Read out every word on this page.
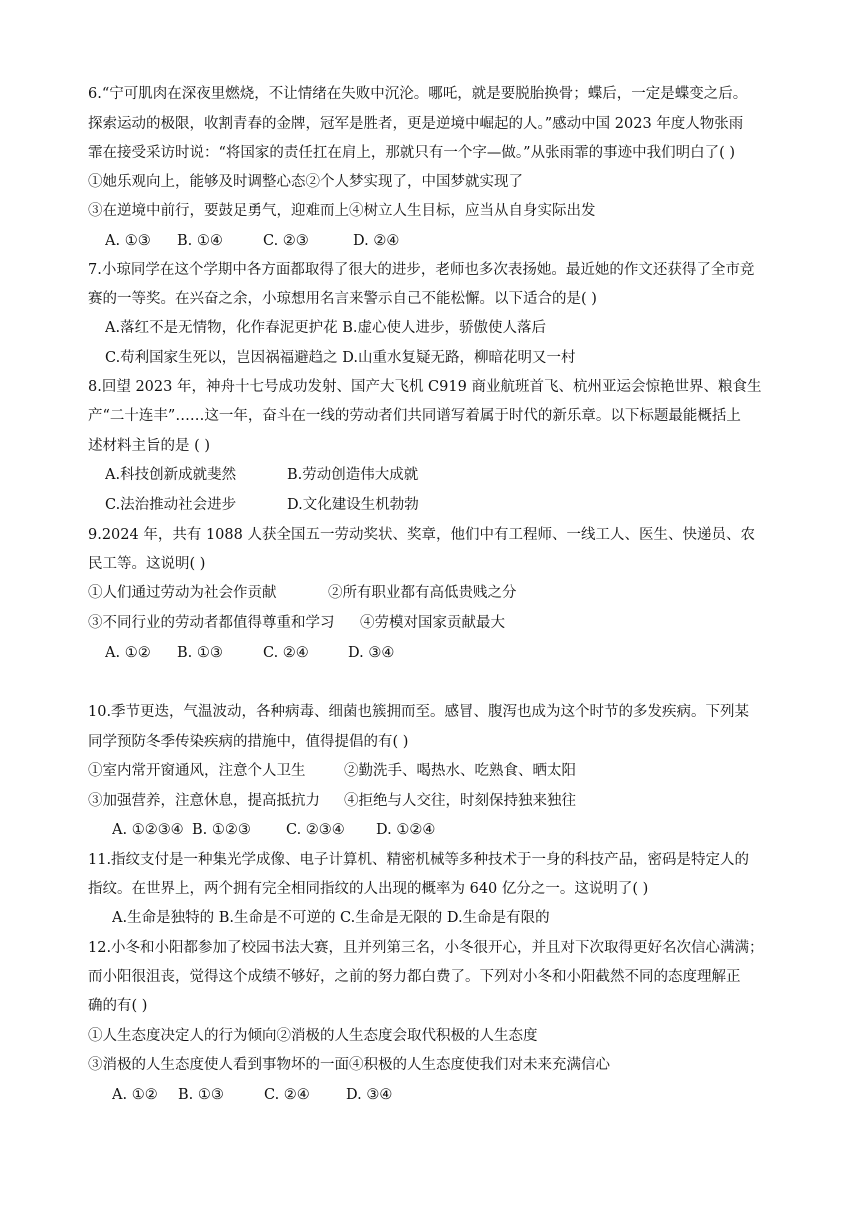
6.“宁可肌肉在深夜里燃烧，不让情绪在失败中沉沦。哪吒，就是要脱胎换骨；蝶后，一定是蝶变之后。
探索运动的极限，收割青春的金牌，冠军是胜者，更是逆境中崛起的人。”感动中国 2023 年度人物张雨
霏在接受采访时说：“将国家的责任扛在肩上，那就只有一个字—做。”从张雨霏的事迹中我们明白了( )
①她乐观向上，能够及时调整心态②个人梦实现了，中国梦就实现了
③在逆境中前行，要鼓足勇气，迎难而上④树立人生目标，应当从自身实际出发
A. ①③ B. ①④	C. ②③	D. ②④
7.小琼同学在这个学期中各方面都取得了很大的进步，老师也多次表扬她。最近她的作文还获得了全市竞
赛的一等奖。在兴奋之余，小琼想用名言来警示自己不能松懈。以下适合的是( )
A.落红不是无情物，化作春泥更护花 B.虚心使人进步，骄傲使人落后
C.苟利国家生死以，岂因祸福避趋之 D.山重水复疑无路，柳暗花明又一村
8.回望 2023 年，神舟十七号成功发射、国产大飞机 C919 商业航班首飞、杭州亚运会惊艳世界、粮食生
产“二十连丰”……这一年，奋斗在一线的劳动者们共同谱写着属于时代的新乐章。以下标题最能概括上
述材料主旨的是 ( )
A.科技创新成就斐然	B.劳动创造伟大成就
C.法治推动社会进步	D.文化建设生机勃勃
9.2024 年，共有 1088 人获全国五一劳动奖状、奖章，他们中有工程师、一线工人、医生、快递员、农
民工等。这说明( )
①人们通过劳动为社会作贡献	②所有职业都有高低贵贱之分
③不同行业的劳动者都值得尊重和学习 ④劳模对国家贡献最大
A. ①② B. ①③	C. ②④	D. ③④
10.季节更迭，气温波动，各种病毒、细菌也簇拥而至。感冒、腹泻也成为这个时节的多发疾病。下列某
同学预防冬季传染疾病的措施中，值得提倡的有( )
①室内常开窗通风，注意个人卫生	②勤洗手、喝热水、吃熟食、晒太阳
③加强营养，注意休息，提高抵抗力 ④拒绝与人交往，时刻保持独来独往
A. ①②③④ B. ①②③ C. ②③④ D. ①②④
11.指纹支付是一种集光学成像、电子计算机、精密机械等多种技术于一身的科技产品，密码是特定人的
指纹。在世界上，两个拥有完全相同指纹的人出现的概率为 640 亿分之一。这说明了( )
A.生命是独特的 B.生命是不可逆的 C.生命是无限的 D.生命是有限的
12.小冬和小阳都参加了校园书法大赛，且并列第三名，小冬很开心，并且对下次取得更好名次信心满满；
而小阳很沮丧，觉得这个成绩不够好，之前的努力都白费了。下列对小冬和小阳截然不同的态度理解正
确的有( )
①人生态度决定人的行为倾向②消极的人生态度会取代积极的人生态度
③消极的人生态度使人看到事物坏的一面④积极的人生态度使我们对未来充满信心
A. ①② B. ①③	C. ②④ D. ③④
